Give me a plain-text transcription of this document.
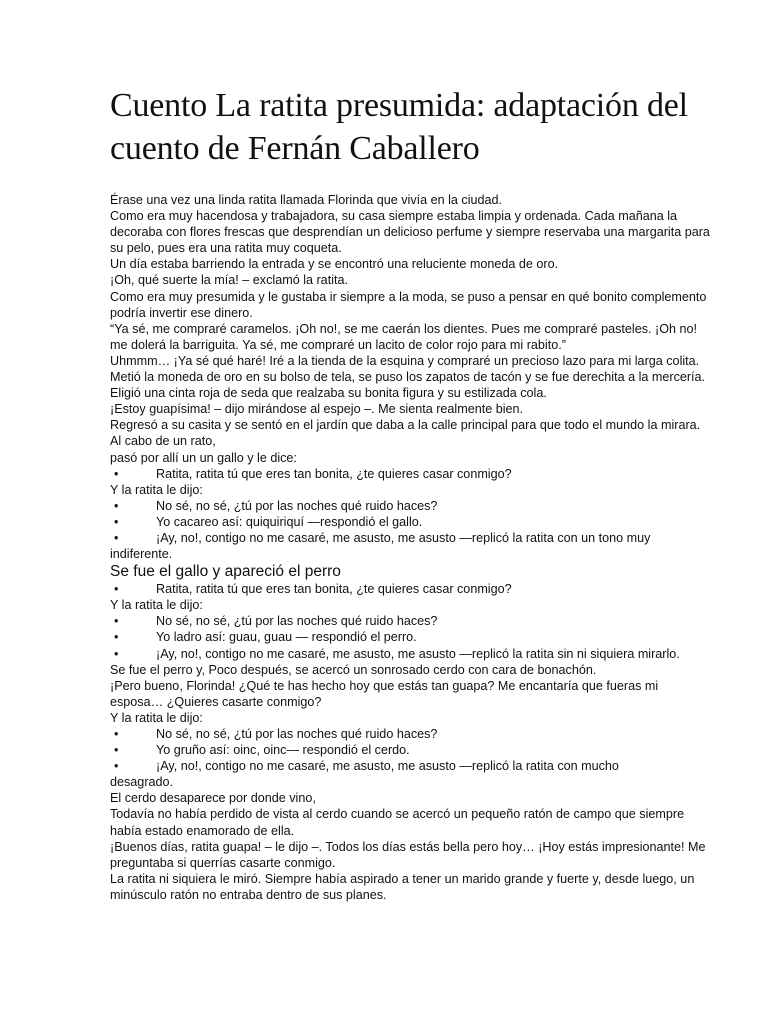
Cuento La ratita presumida: adaptación del cuento de Fernán Caballero

Érase una vez una linda ratita llamada Florinda que vivía en la ciudad.

Como era muy hacendosa y trabajadora, su casa siempre estaba limpia y ordenada. Cada mañana la decoraba con flores frescas que desprendían un delicioso perfume y siempre reservaba una margarita para su pelo, pues era una ratita muy coqueta.

Un día estaba barriendo la entrada y se encontró una reluciente moneda de oro.

¡Oh, qué suerte la mía! – exclamó la ratita.

Como era muy presumida y le gustaba ir siempre a la moda, se puso a pensar en qué bonito complemento podría invertir ese dinero.

“Ya sé, me compraré caramelos. ¡Oh no!, se me caerán los dientes. Pues me compraré pasteles. ¡Oh no! me dolerá la barriguita. Ya sé, me compraré un lacito de color rojo para mi rabito.”

Uhmmm… ¡Ya sé qué haré! Iré a la tienda de la esquina y compraré un precioso lazo para mi larga colita.

Metió la moneda de oro en su bolso de tela, se puso los zapatos de tacón y se fue derechita a la mercería. Eligió una cinta roja de seda que realzaba su bonita figura y su estilizada cola.

¡Estoy guapísima! – dijo mirándose al espejo –. Me sienta realmente bien.

Regresó a su casita y se sentó en el jardín que daba a la calle principal para que todo el mundo la mirara. Al cabo de un rato,

pasó por allí un un gallo y le dice:

•	Ratita, ratita tú que eres tan bonita, ¿te quieres casar conmigo?

Y la ratita le dijo:

•	No sé, no sé, ¿tú por las noches qué ruido haces?
•	Yo cacareo así: quiquiriquí —respondió el gallo.
•	¡Ay, no!, contigo no me casaré, me asusto, me asusto —replicó la ratita con un tono muy

indiferente.

Se fue el gallo y apareció el perro
•	Ratita, ratita tú que eres tan bonita, ¿te quieres casar conmigo?

Y la ratita le dijo:

•	No sé, no sé, ¿tú por las noches qué ruido haces?
•	Yo ladro así: guau, guau — respondió el perro.
•	¡Ay, no!, contigo no me casaré, me asusto, me asusto —replicó la ratita sin ni siquiera mirarlo.

Se fue el perro y, Poco después, se acercó un sonrosado cerdo con cara de bonachón.

¡Pero bueno, Florinda! ¿Qué te has hecho hoy que estás tan guapa? Me encantaría que fueras mi esposa… ¿Quieres casarte conmigo?

Y la ratita le dijo:

•	No sé, no sé, ¿tú por las noches qué ruido haces?
•	Yo gruño así: oinc, oinc— respondió el cerdo.
•	¡Ay, no!, contigo no me casaré, me asusto, me asusto —replicó la ratita con mucho

desagrado.

El cerdo desaparece por donde vino,

Todavía no había perdido de vista al cerdo cuando se acercó un pequeño ratón de campo que siempre había estado enamorado de ella.

¡Buenos días, ratita guapa! – le dijo –. Todos los días estás bella pero hoy… ¡Hoy estás impresionante! Me preguntaba si querrías casarte conmigo.

La ratita ni siquiera le miró. Siempre había aspirado a tener un marido grande y fuerte y, desde luego, un minúsculo ratón no entraba dentro de sus planes.
